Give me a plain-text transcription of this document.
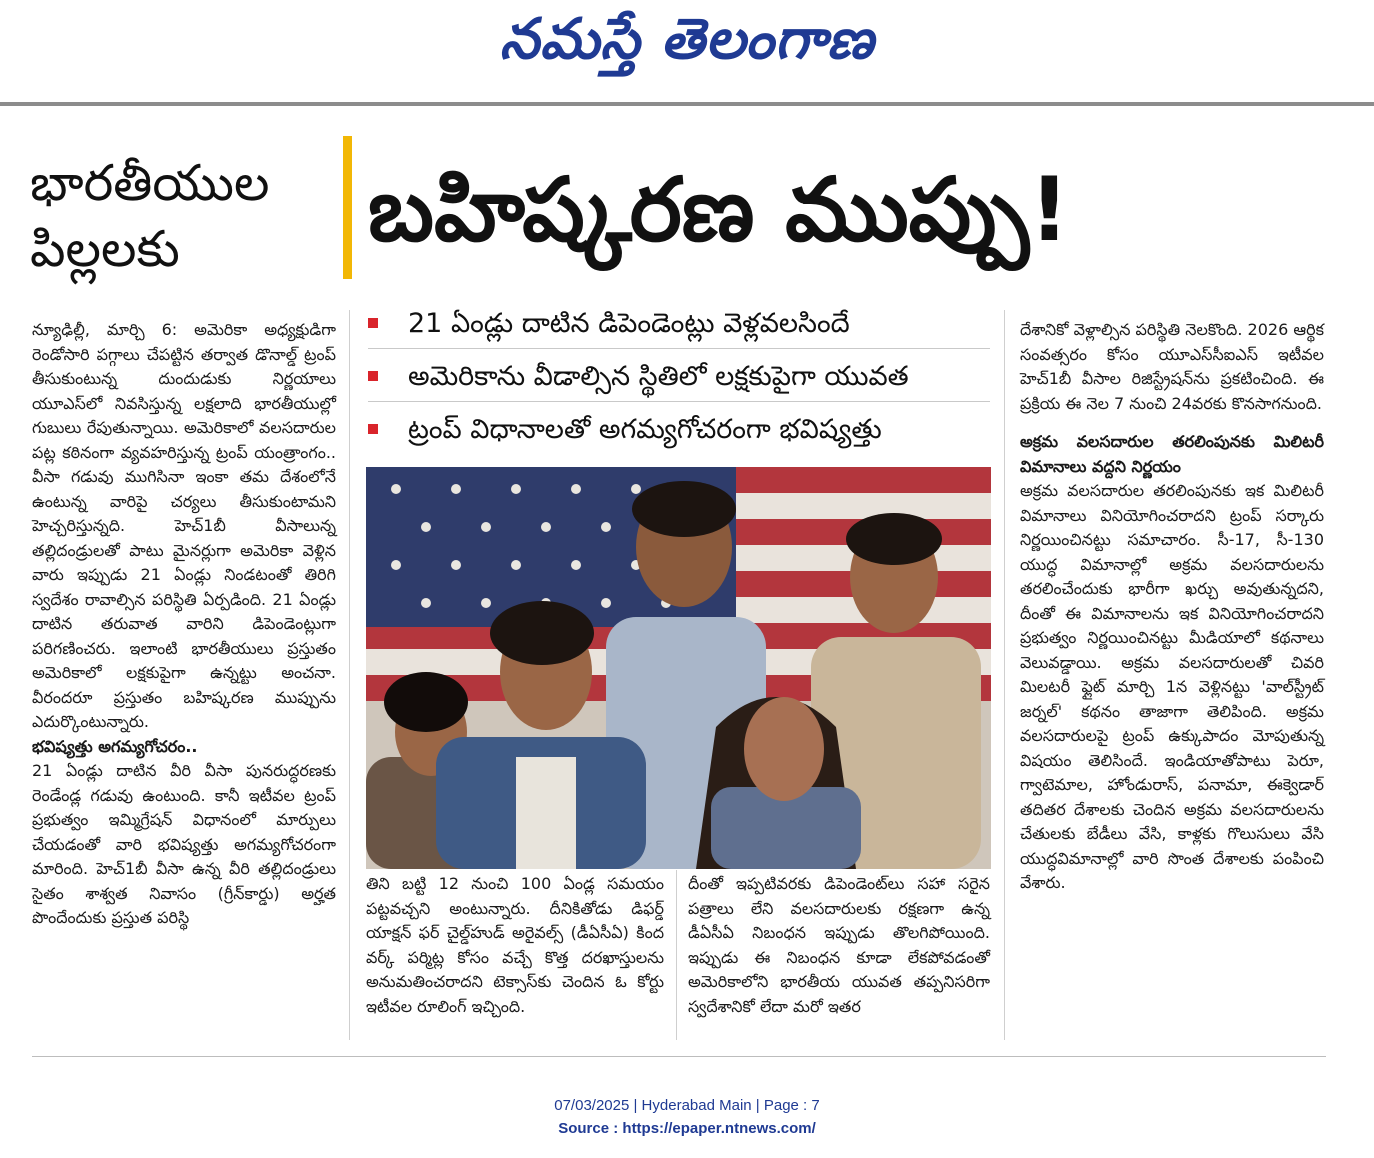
నమస్తే తెలంగాణ
భారతీయుల
పిల్లలకు	బహిష్కరణ ముప్పు!
21 ఏండ్లు దాటిన డిపెండెంట్లు వెళ్లవలసిందే
అమెరికాను వీడాల్సిన స్థితిలో లక్షకుపైగా యువత
ట్రంప్ విధానాలతో అగమ్యగోచరంగా భవిష్యత్తు

న్యూఢిల్లీ, మార్చి 6: అమెరికా అధ్యక్షుడిగా రెండోసారి పగ్గాలు చేపట్టిన తర్వాత డొనాల్డ్ ట్రంప్ తీసుకుంటున్న దుందుడుకు నిర్ణయాలు యూఎస్‌లో నివసిస్తున్న లక్షలాది భారతీయుల్లో గుబులు రేపుతున్నాయి. అమెరికాలో వలసదారుల పట్ల కఠినంగా వ్యవహరిస్తున్న ట్రంప్ యంత్రాంగం.. వీసా గడువు ముగిసినా ఇంకా తమ దేశంలోనే ఉంటున్న వారిపై చర్యలు తీసుకుంటామని హెచ్చరిస్తున్నది. హెచ్1బీ వీసాలున్న తల్లిదండ్రులతో పాటు మైనర్లుగా అమెరికా వెళ్లిన వారు ఇప్పుడు 21 ఏండ్లు నిండటంతో తిరిగి స్వదేశం రావాల్సిన పరిస్థితి ఏర్పడింది. 21 ఏండ్లు దాటిన తరువాత వారిని డిపెండెంట్లుగా పరిగణించరు. ఇలాంటి భారతీయులు ప్రస్తుతం అమెరికాలో లక్షకుపైగా ఉన్నట్టు అంచనా. వీరందరూ ప్రస్తుతం బహిష్కరణ ముప్పును ఎదుర్కొంటున్నారు.

భవిష్యత్తు అగమ్యగోచరం..

21 ఏండ్లు దాటిన వీరి వీసా పునరుద్ధరణకు రెండేండ్ల గడువు ఉంటుంది. కానీ ఇటీవల ట్రంప్ ప్రభుత్వం ఇమ్మిగ్రేషన్ విధానంలో మార్పులు చేయడంతో వారి భవిష్యత్తు అగమ్యగోచరంగా మారింది. హెచ్1బీ వీసా ఉన్న వీరి తల్లిదండ్రులు సైతం శాశ్వత నివాసం (గ్రీన్‌కార్డు) అర్హత పొందేందుకు ప్రస్తుత పరిస్థి

తిని బట్టి 12 నుంచి 100 ఏండ్ల సమయం పట్టవచ్చని అంటున్నారు. దీనికితోడు డిఫర్డ్ యాక్షన్ ఫర్ చైల్డ్‌హుడ్ అరైవల్స్ (డీఏసీఏ) కింద వర్క్ పర్మిట్ల కోసం వచ్చే కొత్త దరఖాస్తులను అనుమతించరాదని టెక్సాస్‌కు చెందిన ఓ కోర్టు ఇటీవల రూలింగ్ ఇచ్చింది.

దీంతో ఇప్పటివరకు డిపెండెంట్‌లు సహా సరైన పత్రాలు లేని వలసదారులకు రక్షణగా ఉన్న డీఏసీఏ నిబంధన ఇప్పుడు తొలగిపోయింది. ఇప్పుడు ఈ నిబంధన కూడా లేకపోవడంతో అమెరికాలోని భారతీయ యువత తప్పనిసరిగా స్వదేశానికో లేదా మరో ఇతర

దేశానికో వెళ్లాల్సిన పరిస్థితి నెలకొంది. 2026 ఆర్థిక సంవత్సరం కోసం యూఎస్‌సీఐఎస్ ఇటీవల హెచ్1బీ వీసాల రిజిస్ట్రేషన్‌ను ప్రకటించింది. ఈ ప్రక్రియ ఈ నెల 7 నుంచి 24వరకు కొనసాగనుంది.

అక్రమ వలసదారుల తరలింపునకు మిలిటరీ విమానాలు వద్దని నిర్ణయం

అక్రమ వలసదారుల తరలింపునకు ఇక మిలిటరీ విమానాలు వినియోగించరాదని ట్రంప్ సర్కారు నిర్ణయించినట్టు సమాచారం. సీ-17, సీ-130 యుద్ధ విమానాల్లో అక్రమ వలసదారులను తరలించేందుకు భారీగా ఖర్చు అవుతున్నదని, దీంతో ఈ విమానాలను ఇక వినియోగించరాదని ప్రభుత్వం నిర్ణయించినట్టు మీడియాలో కథనాలు వెలువడ్డాయి. అక్రమ వలసదారులతో చివరి మిలటరీ ఫ్లైట్ మార్చి 1న వెళ్లినట్టు 'వాల్‌స్ట్రీట్ జర్నల్' కథనం తాజాగా తెలిపింది. అక్రమ వలసదారులపై ట్రంప్ ఉక్కుపాదం మోపుతున్న విషయం తెలిసిందే. ఇండియాతోపాటు పెరూ, గ్వాటెమాల, హోండురాస్, పనామా, ఈక్వెడార్ తదితర దేశాలకు చెందిన అక్రమ వలసదారులను చేతులకు బేడీలు వేసి, కాళ్లకు గొలుసులు వేసి యుద్ధవిమానాల్లో వారి సొంత దేశాలకు పంపించి వేశారు.

07/03/2025 | Hyderabad Main | Page : 7
Source : https://epaper.ntnews.com/
